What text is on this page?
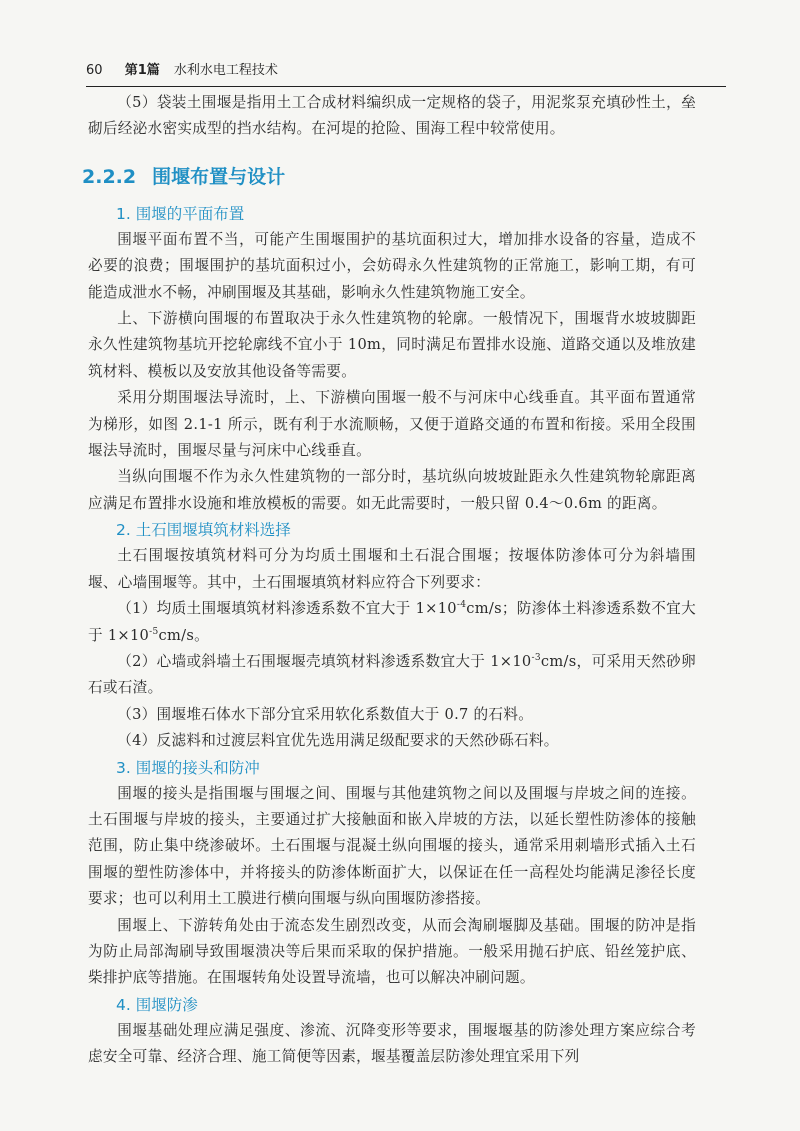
60 第1篇 水利水电工程技术

（5）袋装土围堰是指用土工合成材料编织成一定规格的袋子，用泥浆泵充填砂性土，垒砌后经泌水密实成型的挡水结构。在河堤的抢险、围海工程中较常使用。

2.2.2 围堰布置与设计
1. 围堰的平面布置

围堰平面布置不当，可能产生围堰围护的基坑面积过大，增加排水设备的容量，造成不必要的浪费；围堰围护的基坑面积过小，会妨碍永久性建筑物的正常施工，影响工期，有可能造成泄水不畅，冲刷围堰及其基础，影响永久性建筑物施工安全。

上、下游横向围堰的布置取决于永久性建筑物的轮廓。一般情况下，围堰背水坡坡脚距永久性建筑物基坑开挖轮廓线不宜小于 10m，同时满足布置排水设施、道路交通以及堆放建筑材料、模板以及安放其他设备等需要。

采用分期围堰法导流时，上、下游横向围堰一般不与河床中心线垂直。其平面布置通常为梯形，如图 2.1-1 所示，既有利于水流顺畅，又便于道路交通的布置和衔接。采用全段围堰法导流时，围堰尽量与河床中心线垂直。

当纵向围堰不作为永久性建筑物的一部分时，基坑纵向坡坡趾距永久性建筑物轮廓距离应满足布置排水设施和堆放模板的需要。如无此需要时，一般只留 0.4～0.6m 的距离。

2. 土石围堰填筑材料选择

土石围堰按填筑材料可分为均质土围堰和土石混合围堰；按堰体防渗体可分为斜墙围堰、心墙围堰等。其中，土石围堰填筑材料应符合下列要求：

（1）均质土围堰填筑材料渗透系数不宜大于 $1\times 10^{-4}cm/s$；防渗体土料渗透系数不宜大于 $1\times 10^{-5}cm/s$。

（2）心墙或斜墙土石围堰堰壳填筑材料渗透系数宜大于 $1\times 10^{-3}cm/s$，可采用天然砂卵石或石渣。

（3）围堰堆石体水下部分宜采用软化系数值大于 0.7 的石料。

（4）反滤料和过渡层料宜优先选用满足级配要求的天然砂砾石料。

3. 围堰的接头和防冲

围堰的接头是指围堰与围堰之间、围堰与其他建筑物之间以及围堰与岸坡之间的连接。土石围堰与岸坡的接头，主要通过扩大接触面和嵌入岸坡的方法，以延长塑性防渗体的接触范围，防止集中绕渗破坏。土石围堰与混凝土纵向围堰的接头，通常采用刺墙形式插入土石围堰的塑性防渗体中，并将接头的防渗体断面扩大，以保证在任一高程处均能满足渗径长度要求；也可以利用土工膜进行横向围堰与纵向围堰防渗搭接。

围堰上、下游转角处由于流态发生剧烈改变，从而会淘刷堰脚及基础。围堰的防冲是指为防止局部淘刷导致围堰溃决等后果而采取的保护措施。一般采用抛石护底、铅丝笼护底、柴排护底等措施。在围堰转角处设置导流墙，也可以解决冲刷问题。

4. 围堰防渗

围堰基础处理应满足强度、渗流、沉降变形等要求，围堰堰基的防渗处理方案应综合考虑安全可靠、经济合理、施工简便等因素，堰基覆盖层防渗处理宜采用下列
